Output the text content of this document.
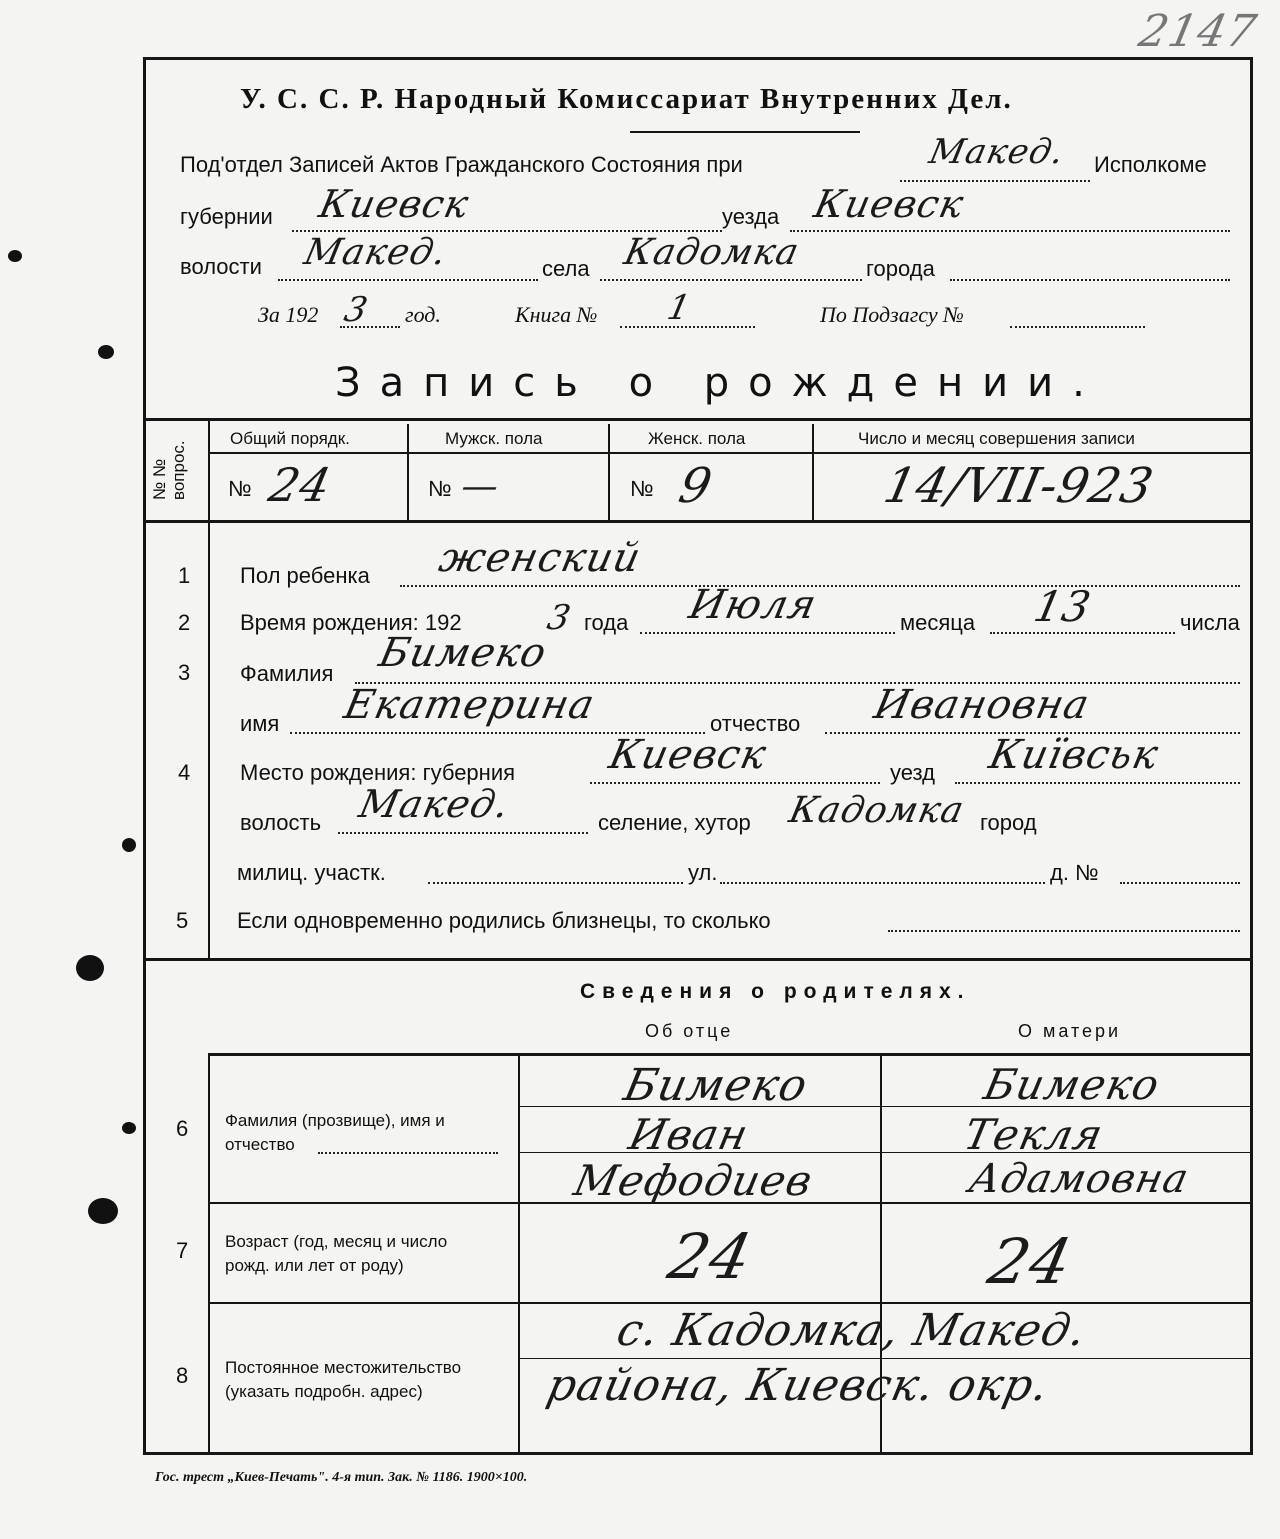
2147
У. С. С. Р. Народный Комиссариат Внутренних Дел.
Под'отдел Записей Актов Гражданского Состояния при	Макед. Исполкоме
губернии Киевск	уезда Киевск
волости Макед.	села Кадомка	города
За 192 3 год.	Книга № 1	По Подзагсу №
Запись о рождении.
№ №
вопрос.
Общий порядк.	Мужск. пола	Женск. пола	Число и месяц совершения записи
№ 24	№ —	№ 9	14/VII-923
1 Пол ребенка женский
2 Время рождения: 192 3 года Июля	месяца 13	числа
3 Фамилия Бимеко
имя Екатерина	отчество Ивановна
4 Место рождения: губерния Киевск	уезд Київськ
волость Макед.	селение, хутор Кадомка город
милиц. участк.	ул.	д. №
5 Если одновременно родились близнецы, то сколько
Сведения о родителях.
Об отце	О матери
6 Фамилия (прозвище), имя и
отчество
Бимеко	Бимеко
Иван	Текля
Мефодиев	Адамовна
7 Возраст (год, месяц и число
рожд. или лет от роду)	24	24
8 Постоянное местожительство
(указать подробн. адрес)
с. Кадомка, Макед.
района, Киевск. окр.
Гос. трест „Киев-Печать". 4-я тип. Зак. № 1186. 1900×100.
